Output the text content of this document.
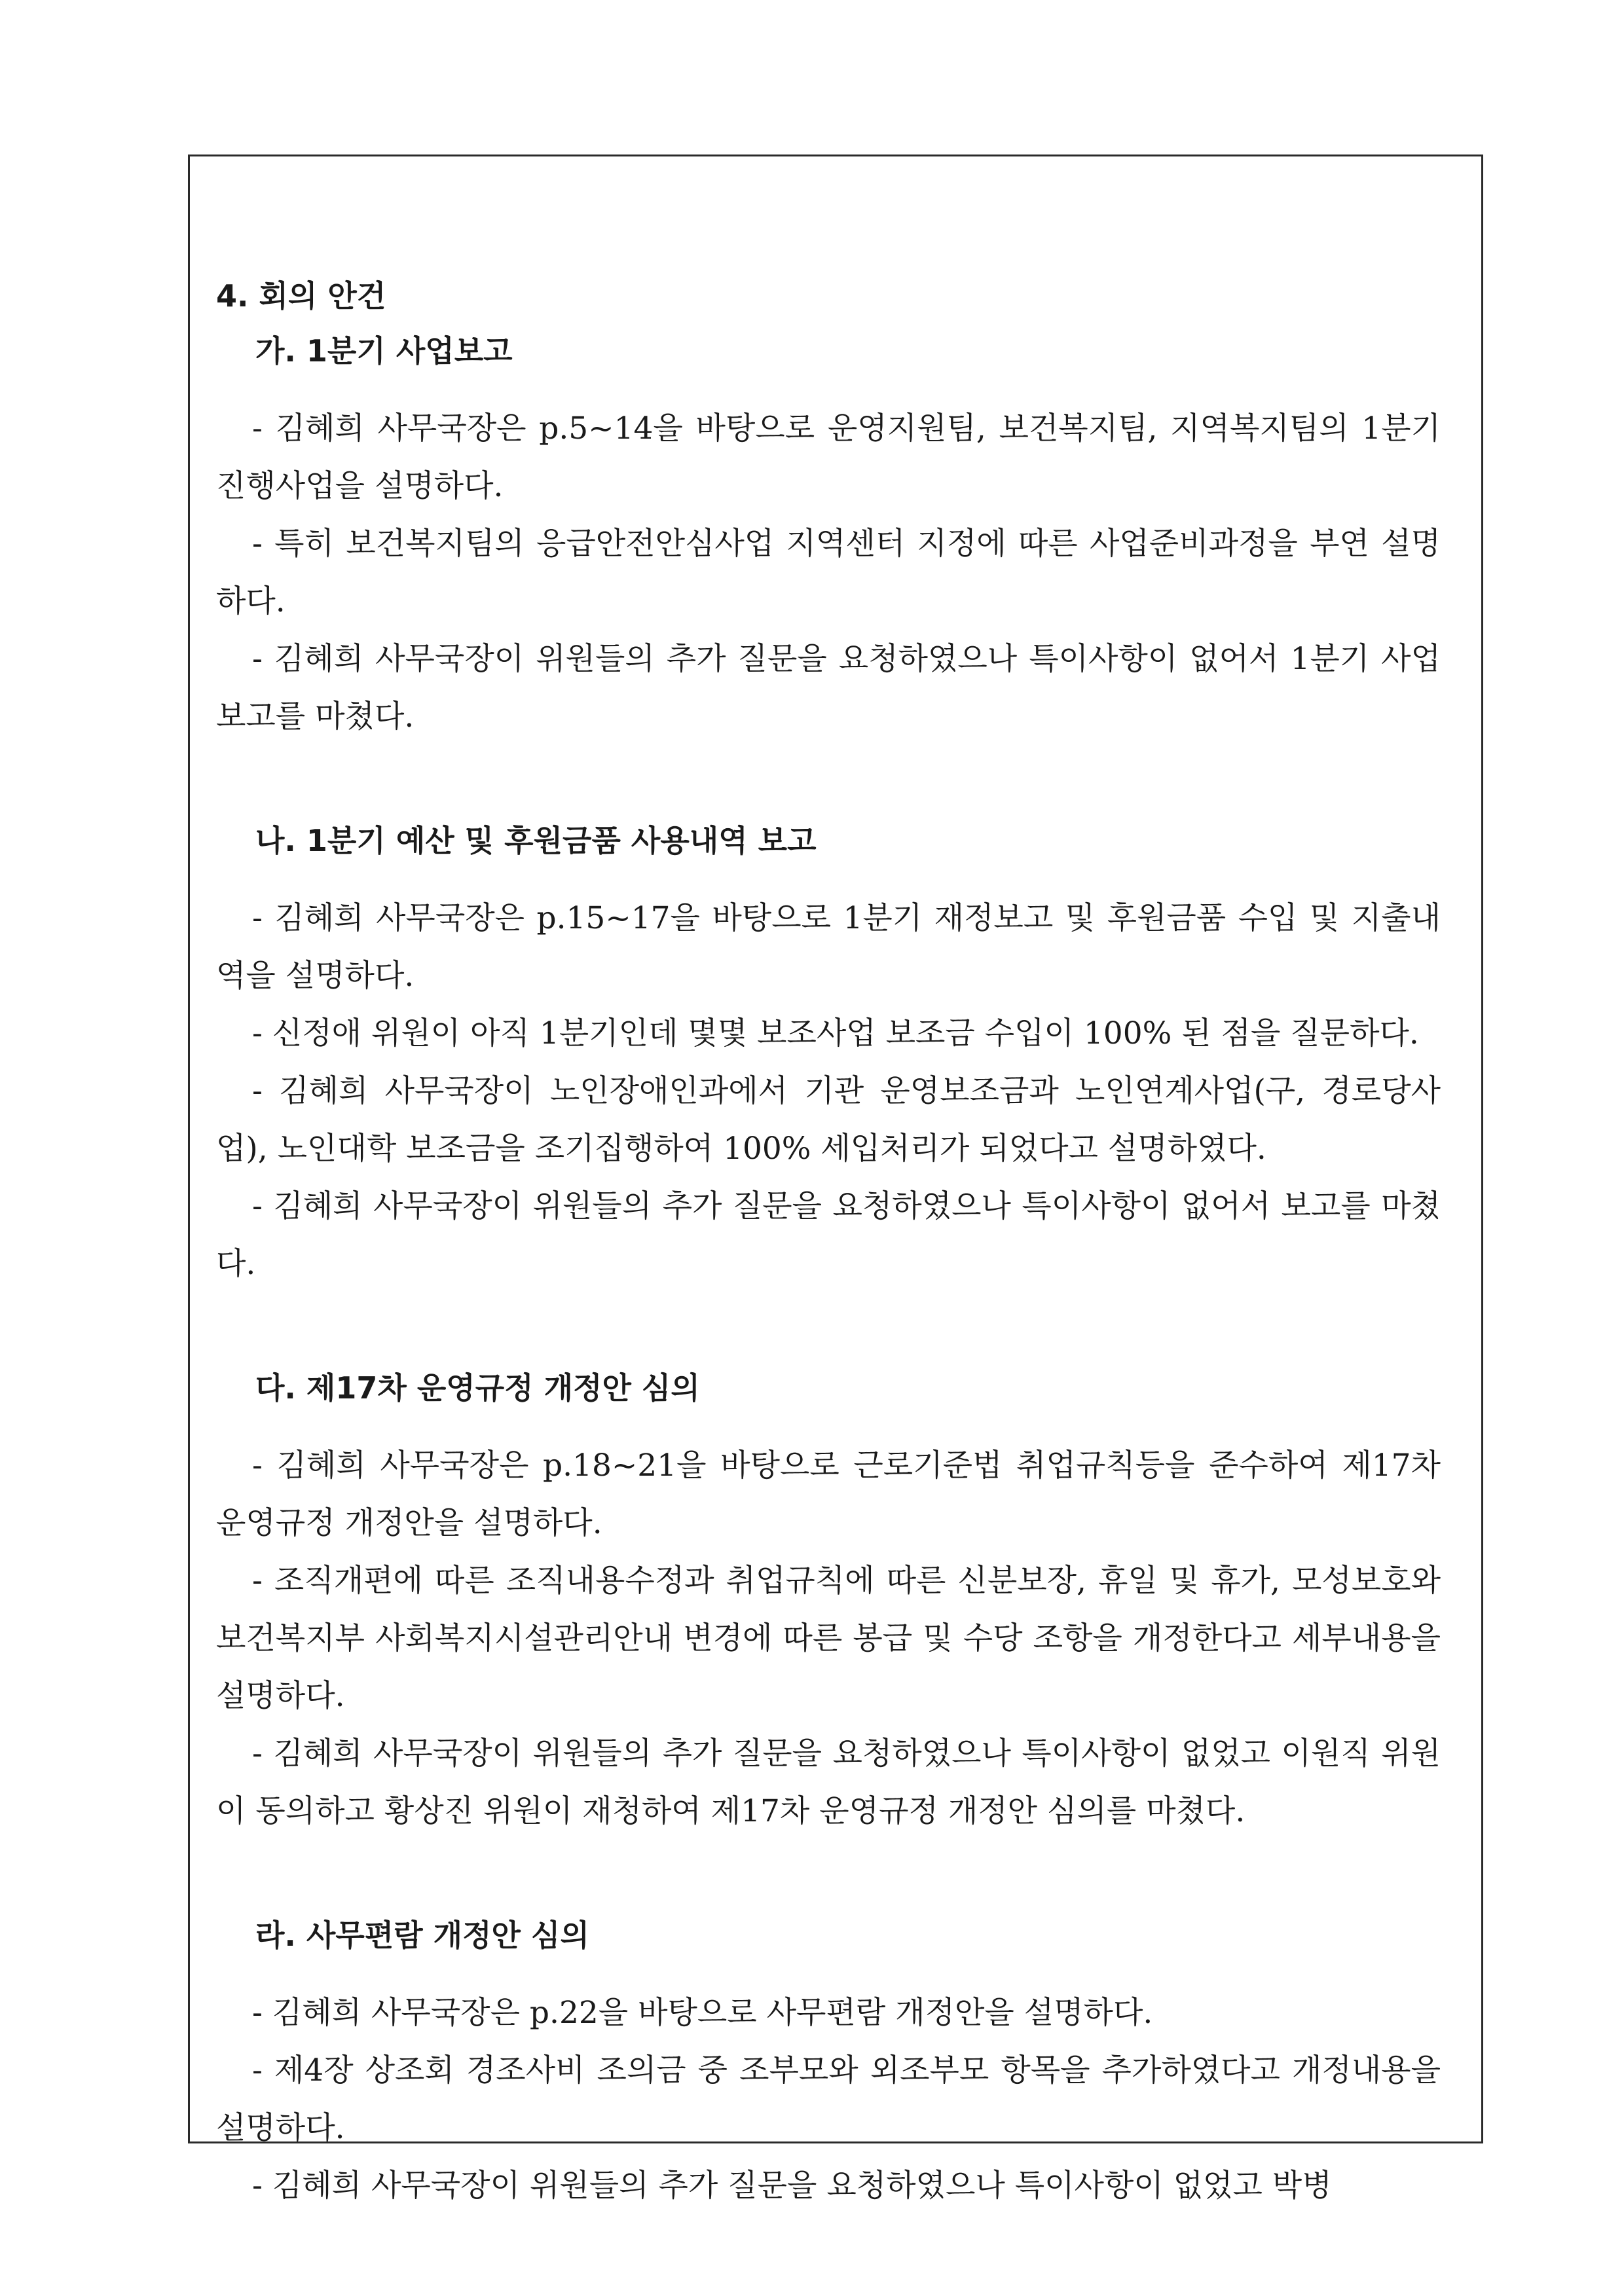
4. 회의 안건
가. 1분기 사업보고

- 김혜희 사무국장은 p.5~14을 바탕으로 운영지원팀, 보건복지팀, 지역복지팀의 1분기 진행사업을 설명하다.

- 특히 보건복지팀의 응급안전안심사업 지역센터 지정에 따른 사업준비과정을 부연 설명하다.

- 김혜희 사무국장이 위원들의 추가 질문을 요청하였으나 특이사항이 없어서 1분기 사업보고를 마쳤다.

나. 1분기 예산 및 후원금품 사용내역 보고

- 김혜희 사무국장은 p.15~17을 바탕으로 1분기 재정보고 및 후원금품 수입 및 지출내역을 설명하다.

- 신정애 위원이 아직 1분기인데 몇몇 보조사업 보조금 수입이 100% 된 점을 질문하다.

- 김혜희 사무국장이 노인장애인과에서 기관 운영보조금과 노인연계사업(구, 경로당사업), 노인대학 보조금을 조기집행하여 100% 세입처리가 되었다고 설명하였다.

- 김혜희 사무국장이 위원들의 추가 질문을 요청하였으나 특이사항이 없어서 보고를 마쳤다.

다. 제17차 운영규정 개정안 심의

- 김혜희 사무국장은 p.18~21을 바탕으로 근로기준법 취업규칙등을 준수하여 제17차 운영규정 개정안을 설명하다.

- 조직개편에 따른 조직내용수정과 취업규칙에 따른 신분보장, 휴일 및 휴가, 모성보호와 보건복지부 사회복지시설관리안내 변경에 따른 봉급 및 수당 조항을 개정한다고 세부내용을 설명하다.

- 김혜희 사무국장이 위원들의 추가 질문을 요청하였으나 특이사항이 없었고 이원직 위원이 동의하고 황상진 위원이 재청하여 제17차 운영규정 개정안 심의를 마쳤다.

라. 사무편람 개정안 심의

- 김혜희 사무국장은 p.22을 바탕으로 사무편람 개정안을 설명하다.

- 제4장 상조회 경조사비 조의금 중 조부모와 외조부모 항목을 추가하였다고 개정내용을 설명하다.

- 김혜희 사무국장이 위원들의 추가 질문을 요청하였으나 특이사항이 없었고 박병
